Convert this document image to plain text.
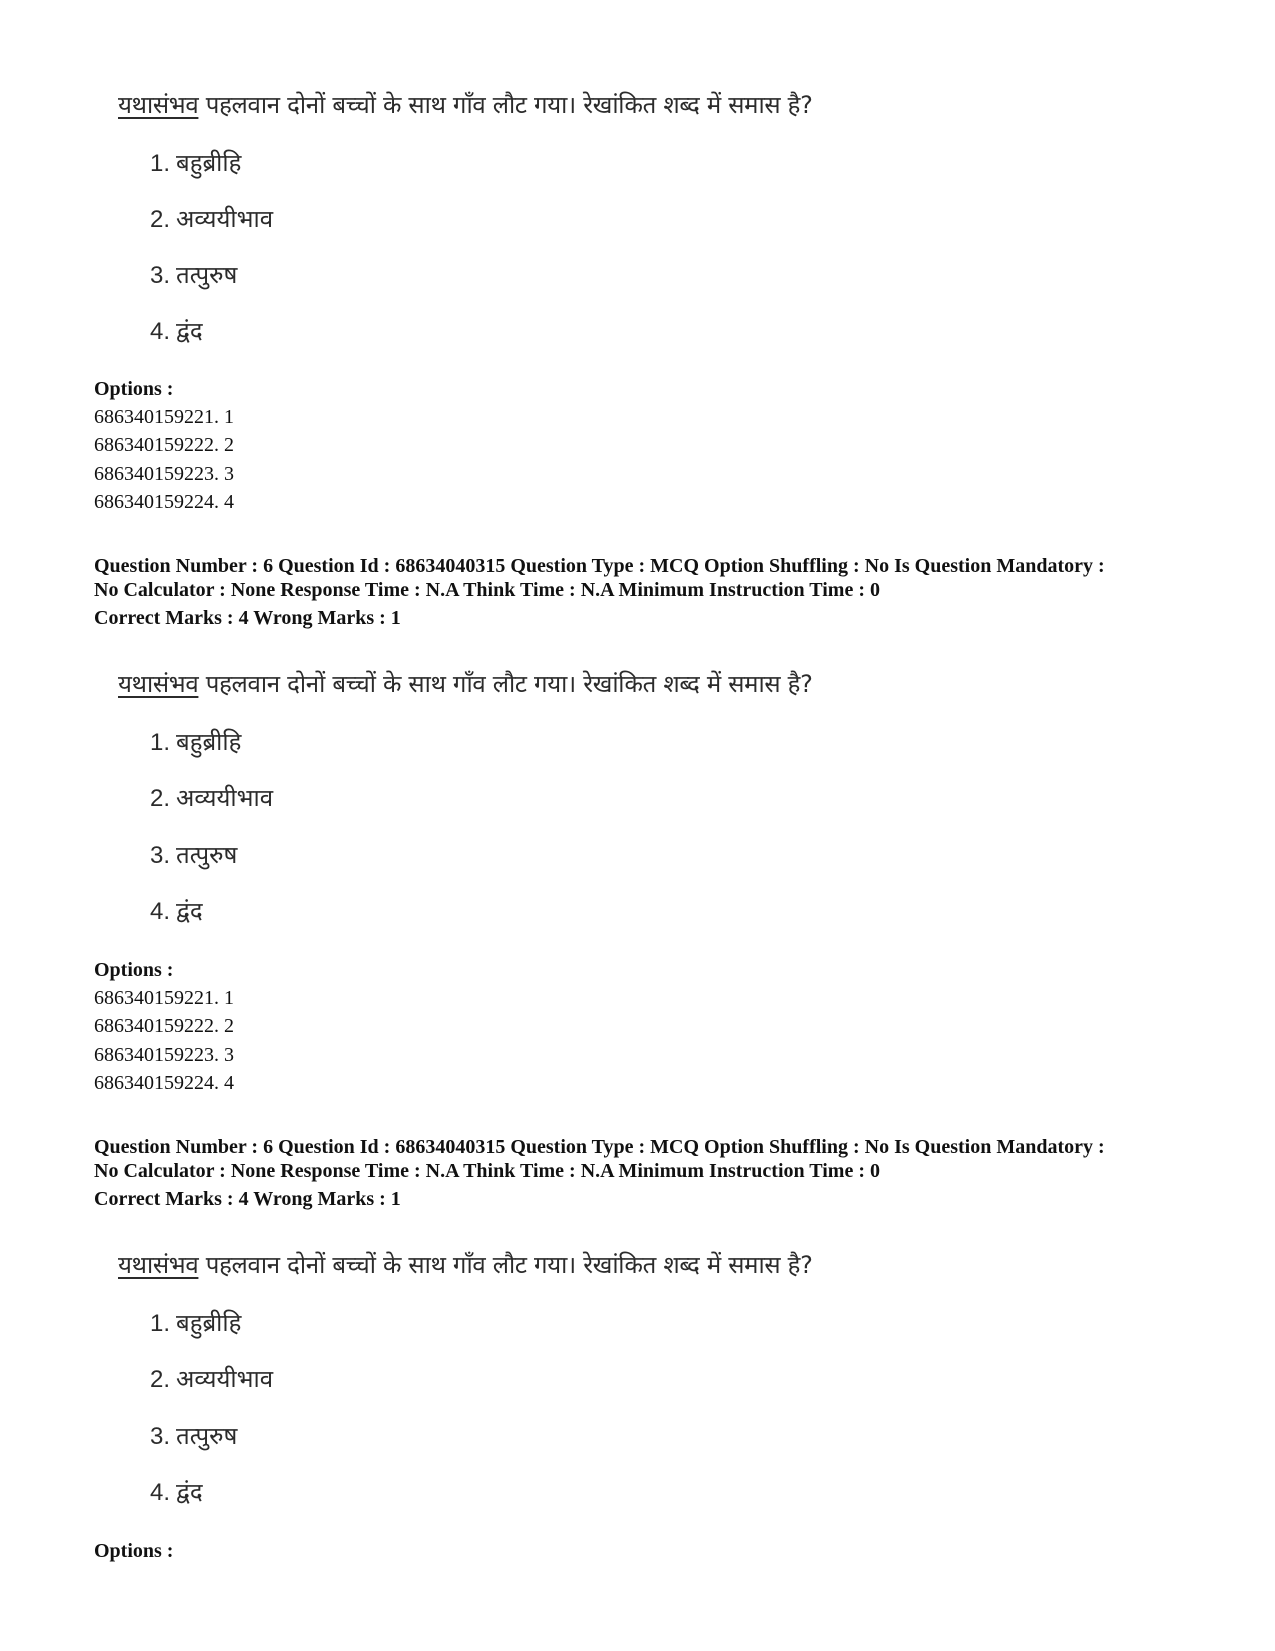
यथासंभव पहलवान दोनों बच्चों के साथ गाँव लौट गया। रेखांकित शब्द में समास है?
1. बहुब्रीहि
2. अव्ययीभाव
3. तत्पुरुष
4. द्वंद
Options :
686340159221. 1
686340159222. 2
686340159223. 3
686340159224. 4
Question Number : 6 Question Id : 68634040315 Question Type : MCQ Option Shuffling : No Is Question Mandatory :
No Calculator : None Response Time : N.A Think Time : N.A Minimum Instruction Time : 0
Correct Marks : 4 Wrong Marks : 1
यथासंभव पहलवान दोनों बच्चों के साथ गाँव लौट गया। रेखांकित शब्द में समास है?
1. बहुब्रीहि
2. अव्ययीभाव
3. तत्पुरुष
4. द्वंद
Options :
686340159221. 1
686340159222. 2
686340159223. 3
686340159224. 4
Question Number : 6 Question Id : 68634040315 Question Type : MCQ Option Shuffling : No Is Question Mandatory :
No Calculator : None Response Time : N.A Think Time : N.A Minimum Instruction Time : 0
Correct Marks : 4 Wrong Marks : 1
यथासंभव पहलवान दोनों बच्चों के साथ गाँव लौट गया। रेखांकित शब्द में समास है?
1. बहुब्रीहि
2. अव्ययीभाव
3. तत्पुरुष
4. द्वंद
Options :
